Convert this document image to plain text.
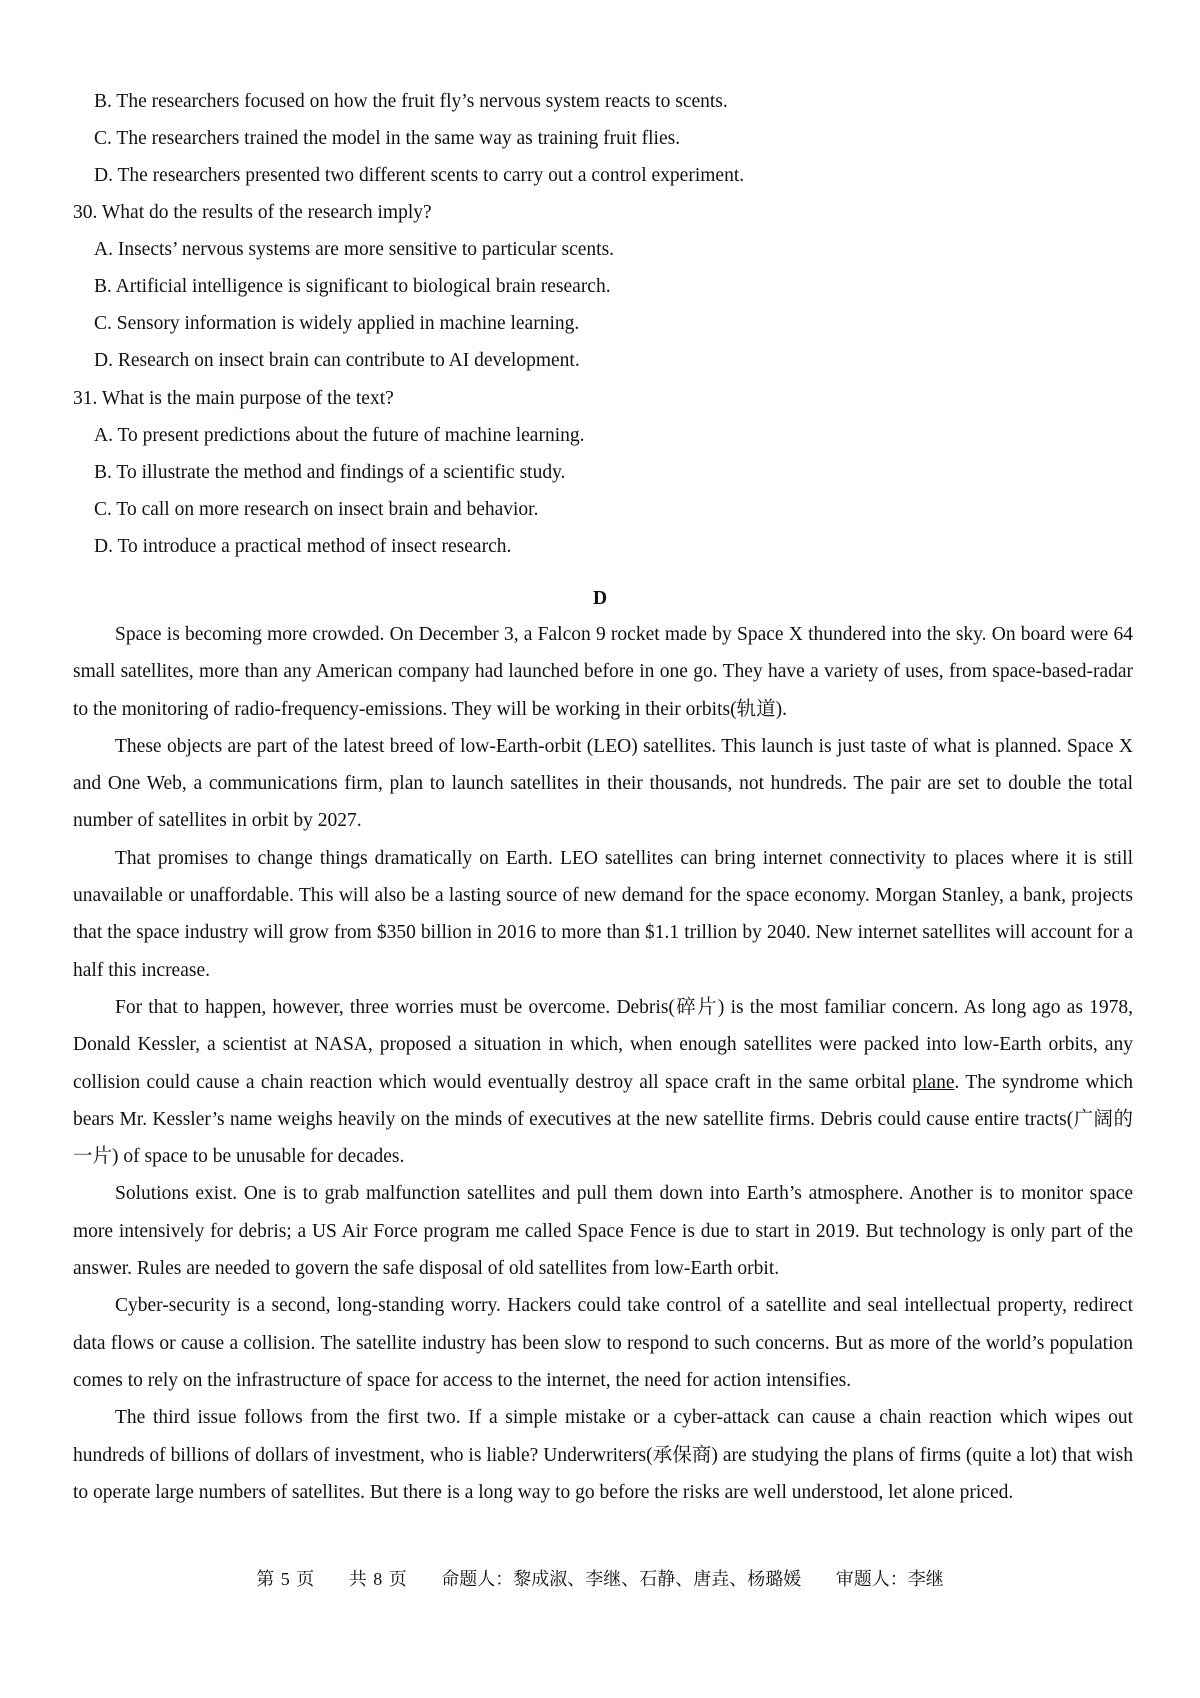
B. The researchers focused on how the fruit fly’s nervous system reacts to scents.
C. The researchers trained the model in the same way as training fruit flies.
D. The researchers presented two different scents to carry out a control experiment.
30. What do the results of the research imply?
A. Insects’ nervous systems are more sensitive to particular scents.
B. Artificial intelligence is significant to biological brain research.
C. Sensory information is widely applied in machine learning.
D. Research on insect brain can contribute to AI development.
31. What is the main purpose of the text?
A. To present predictions about the future of machine learning.
B. To illustrate the method and findings of a scientific study.
C. To call on more research on insect brain and behavior.
D. To introduce a practical method of insect research.
D

Space is becoming more crowded. On December 3, a Falcon 9 rocket made by Space X thundered into the sky. On board were 64 small satellites, more than any American company had launched before in one go. They have a variety of uses, from space-based-radar to the monitoring of radio-frequency-emissions. They will be working in their orbits(轨道).

These objects are part of the latest breed of low-Earth-orbit (LEO) satellites. This launch is just taste of what is planned. Space X and One Web, a communications firm, plan to launch satellites in their thousands, not hundreds. The pair are set to double the total number of satellites in orbit by 2027.

That promises to change things dramatically on Earth. LEO satellites can bring internet connectivity to places where it is still unavailable or unaffordable. This will also be a lasting source of new demand for the space economy. Morgan Stanley, a bank, projects that the space industry will grow from $350 billion in 2016 to more than $1.1 trillion by 2040. New internet satellites will account for a half this increase.

For that to happen, however, three worries must be overcome. Debris(碎片) is the most familiar concern. As long ago as 1978, Donald Kessler, a scientist at NASA, proposed a situation in which, when enough satellites were packed into low-Earth orbits, any collision could cause a chain reaction which would eventually destroy all space craft in the same orbital plane. The syndrome which bears Mr. Kessler’s name weighs heavily on the minds of executives at the new satellite firms. Debris could cause entire tracts(广阔的一片) of space to be unusable for decades.

Solutions exist. One is to grab malfunction satellites and pull them down into Earth’s atmosphere. Another is to monitor space more intensively for debris; a US Air Force program me called Space Fence is due to start in 2019. But technology is only part of the answer. Rules are needed to govern the safe disposal of old satellites from low-Earth orbit.

Cyber-security is a second, long-standing worry. Hackers could take control of a satellite and seal intellectual property, redirect data flows or cause a collision. The satellite industry has been slow to respond to such concerns. But as more of the world’s population comes to rely on the infrastructure of space for access to the internet, the need for action intensifies.

The third issue follows from the first two. If a simple mistake or a cyber-attack can cause a chain reaction which wipes out hundreds of billions of dollars of investment, who is liable? Underwriters(承保商) are studying the plans of firms (quite a lot) that wish to operate large numbers of satellites. But there is a long way to go before the risks are well understood, let alone priced.

第 5 页 共 8 页 命题人：黎成淑、李继、石静、唐垚、杨璐媛 审题人：李继
